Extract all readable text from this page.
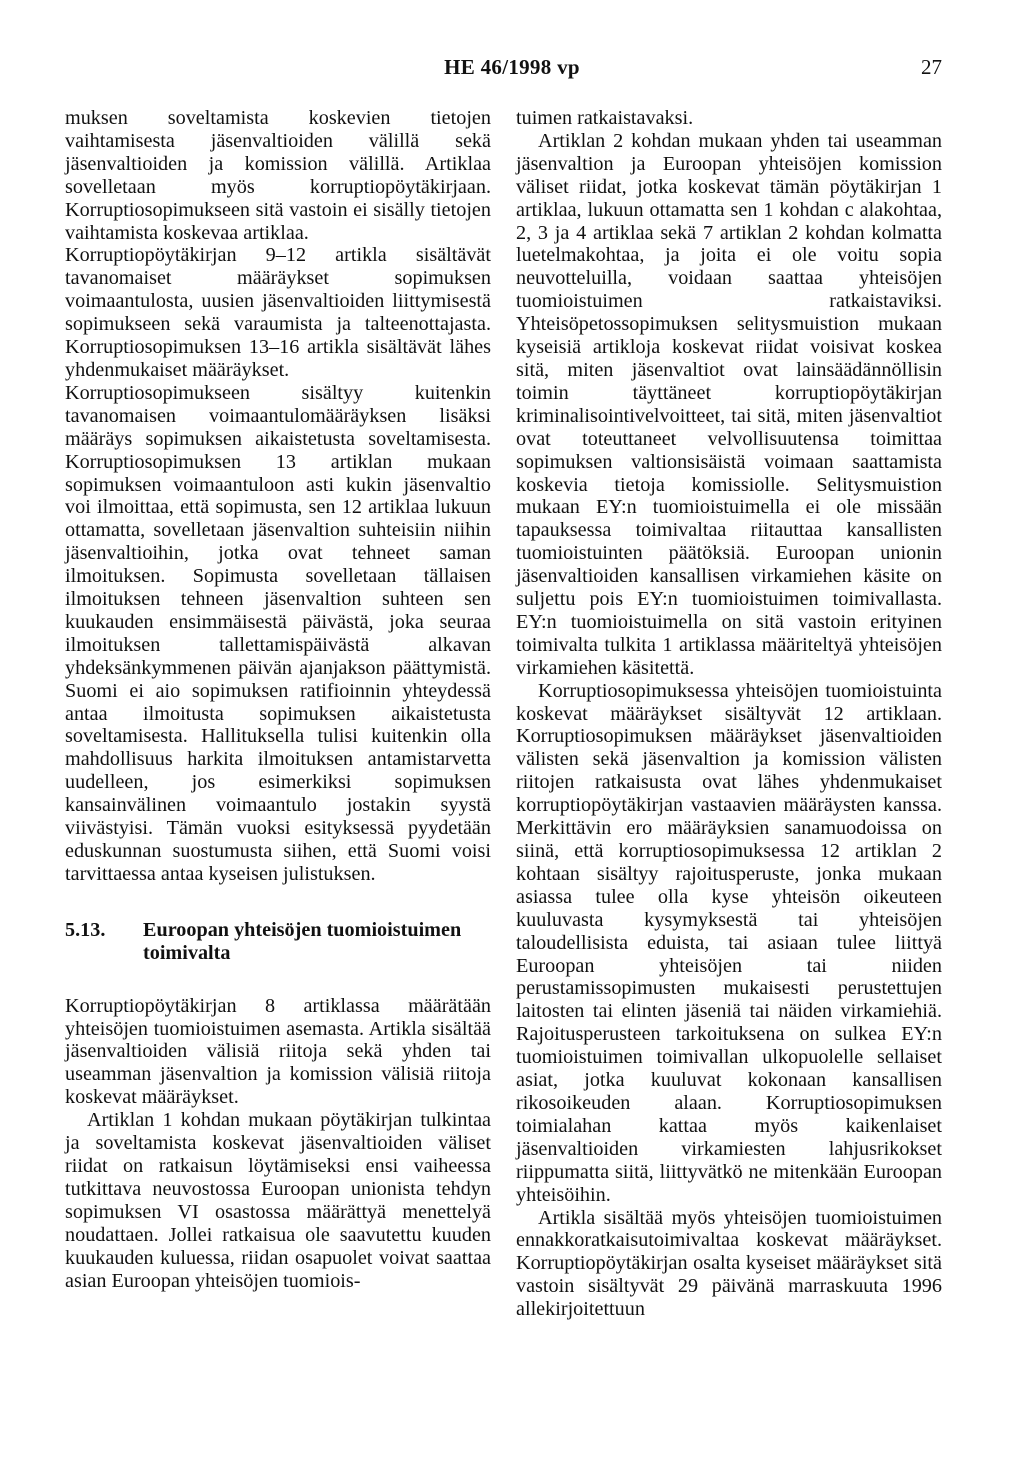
HE 46/1998 vp	27

muksen soveltamista koskevien tietojen vaihtamisesta jäsenvaltioiden välillä sekä jäsenvaltioiden ja komission välillä. Artiklaa sovelletaan myös korruptiopöytäkirjaan. Korruptiosopimukseen sitä vastoin ei sisälly tietojen vaihtamista koskevaa artiklaa.

Korruptiopöytäkirjan 9–12 artikla sisältävät tavanomaiset määräykset sopimuksen voimaantulosta, uusien jäsenvaltioiden liittymisestä sopimukseen sekä varaumista ja talteenottajasta. Korruptiosopimuksen 13–16 artikla sisältävät lähes yhdenmukaiset määräykset.

Korruptiosopimukseen sisältyy kuitenkin tavanomaisen voimaantulomääräyksen lisäksi määräys sopimuksen aikaistetusta soveltamisesta. Korruptiosopimuksen 13 artiklan mukaan sopimuksen voimaantuloon asti kukin jäsenvaltio voi ilmoittaa, että sopimusta, sen 12 artiklaa lukuun ottamatta, sovelletaan jäsenvaltion suhteisiin niihin jäsenvaltioihin, jotka ovat tehneet saman ilmoituksen. Sopimusta sovelletaan tällaisen ilmoituksen tehneen jäsenvaltion suhteen sen kuukauden ensimmäisestä päivästä, joka seuraa ilmoituksen tallettamispäivästä alkavan yhdeksänkymmenen päivän ajanjakson päättymistä. Suomi ei aio sopimuksen ratifioinnin yhteydessä antaa ilmoitusta sopimuksen aikaistetusta soveltamisesta. Hallituksella tulisi kuitenkin olla mahdollisuus harkita ilmoituksen antamistarvetta uudelleen, jos esimerkiksi sopimuksen kansainvälinen voimaantulo jostakin syystä viivästyisi. Tämän vuoksi esityksessä pyydetään eduskunnan suostumusta siihen, että Suomi voisi tarvittaessa antaa kyseisen julistuksen.

5.13.	Euroopan yhteisöjen tuomioistuimen toimivalta

Korruptiopöytäkirjan 8 artiklassa määrätään yhteisöjen tuomioistuimen asemasta. Artikla sisältää jäsenvaltioiden välisiä riitoja sekä yhden tai useamman jäsenvaltion ja komission välisiä riitoja koskevat määräykset.

Artiklan 1 kohdan mukaan pöytäkirjan tulkintaa ja soveltamista koskevat jäsenvaltioiden väliset riidat on ratkaisun löytämiseksi ensi vaiheessa tutkittava neuvostossa Euroopan unionista tehdyn sopimuksen VI osastossa määrättyä menettelyä noudattaen. Jollei ratkaisua ole saavutettu kuuden kuukauden kuluessa, riidan osapuolet voivat saattaa asian Euroopan yhteisöjen tuomiois-

tuimen ratkaistavaksi.

Artiklan 2 kohdan mukaan yhden tai useamman jäsenvaltion ja Euroopan yhteisöjen komission väliset riidat, jotka koskevat tämän pöytäkirjan 1 artiklaa, lukuun ottamatta sen 1 kohdan c alakohtaa, 2, 3 ja 4 artiklaa sekä 7 artiklan 2 kohdan kolmatta luetelmakohtaa, ja joita ei ole voitu sopia neuvotteluilla, voidaan saattaa yhteisöjen tuomioistuimen ratkaistaviksi. Yhteisöpetossopimuksen selitysmuistion mukaan kyseisiä artikloja koskevat riidat voisivat koskea sitä, miten jäsenvaltiot ovat lainsäädännöllisin toimin täyttäneet korruptiopöytäkirjan kriminalisointivelvoitteet, tai sitä, miten jäsenvaltiot ovat toteuttaneet velvollisuutensa toimittaa sopimuksen valtionsisäistä voimaan saattamista koskevia tietoja komissiolle. Selitysmuistion mukaan EY:n tuomioistuimella ei ole missään tapauksessa toimivaltaa riitauttaa kansallisten tuomioistuinten päätöksiä. Euroopan unionin jäsenvaltioiden kansallisen virkamiehen käsite on suljettu pois EY:n tuomioistuimen toimivallasta. EY:n tuomioistuimella on sitä vastoin erityinen toimivalta tulkita 1 artiklassa määriteltyä yhteisöjen virkamiehen käsitettä.

Korruptiosopimuksessa yhteisöjen tuomioistuinta koskevat määräykset sisältyvät 12 artiklaan. Korruptiosopimuksen määräykset jäsenvaltioiden välisten sekä jäsenvaltion ja komission välisten riitojen ratkaisusta ovat lähes yhdenmukaiset korruptiopöytäkirjan vastaavien määräysten kanssa. Merkittävin ero määräyksien sanamuodoissa on siinä, että korruptiosopimuksessa 12 artiklan 2 kohtaan sisältyy rajoitusperuste, jonka mukaan asiassa tulee olla kyse yhteisön oikeuteen kuuluvasta kysymyksestä tai yhteisöjen taloudellisista eduista, tai asiaan tulee liittyä Euroopan yhteisöjen tai niiden perustamissopimusten mukaisesti perustettujen laitosten tai elinten jäseniä tai näiden virkamiehiä. Rajoitusperusteen tarkoituksena on sulkea EY:n tuomioistuimen toimivallan ulkopuolelle sellaiset asiat, jotka kuuluvat kokonaan kansallisen rikosoikeuden alaan. Korruptiosopimuksen toimialahan kattaa myös kaikenlaiset jäsenvaltioiden virkamiesten lahjusrikokset riippumatta siitä, liittyvätkö ne mitenkään Euroopan yhteisöihin.

Artikla sisältää myös yhteisöjen tuomioistuimen ennakkoratkaisutoimivaltaa koskevat määräykset. Korruptiopöytäkirjan osalta kyseiset määräykset sitä vastoin sisältyvät 29 päivänä marraskuuta 1996 allekirjoitettuun
